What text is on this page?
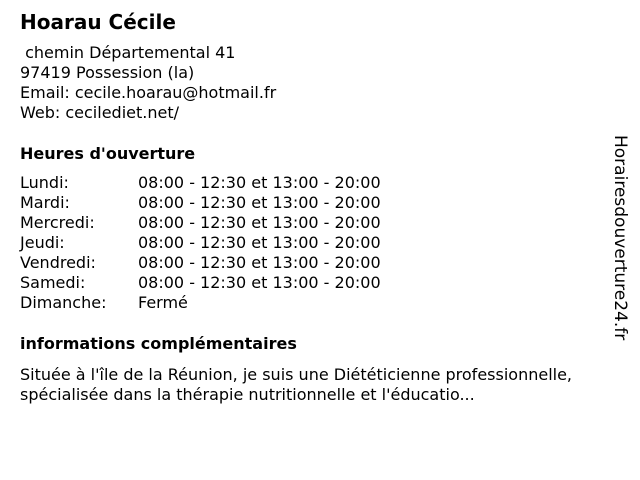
Hoarau Cécile
chemin Départemental 41
97419 Possession (la)
Email: cecile.hoarau@hotmail.fr
Web: cecilediet.net/
Heures d'ouverture
Lundi:	08:00 - 12:30 et 13:00 - 20:00
Mardi:	08:00 - 12:30 et 13:00 - 20:00
Mercredi:	08:00 - 12:30 et 13:00 - 20:00
Jeudi:	08:00 - 12:30 et 13:00 - 20:00
Vendredi:	08:00 - 12:30 et 13:00 - 20:00
Samedi:	08:00 - 12:30 et 13:00 - 20:00
Dimanche:	Fermé
informations complémentaires
Située à l'île de la Réunion, je suis une Diététicienne professionnelle, spécialisée dans la thérapie nutritionnelle et l'éducatio...
Horairesdouverture24.fr
